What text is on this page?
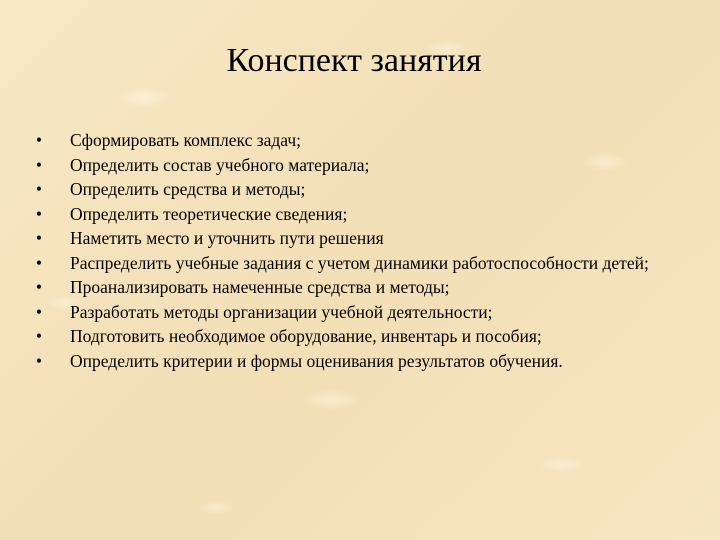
Конспект занятия
• Сформировать комплекс задач;
• Определить состав учебного материала;
• Определить средства и методы;
• Определить теоретические сведения;
• Наметить место и уточнить пути решения
• Распределить учебные задания с учетом динамики работоспособности детей;
• Проанализировать намеченные средства и методы;
• Разработать методы организации учебной деятельности;
• Подготовить необходимое оборудование, инвентарь и пособия;
• Определить критерии и формы оценивания результатов обучения.
